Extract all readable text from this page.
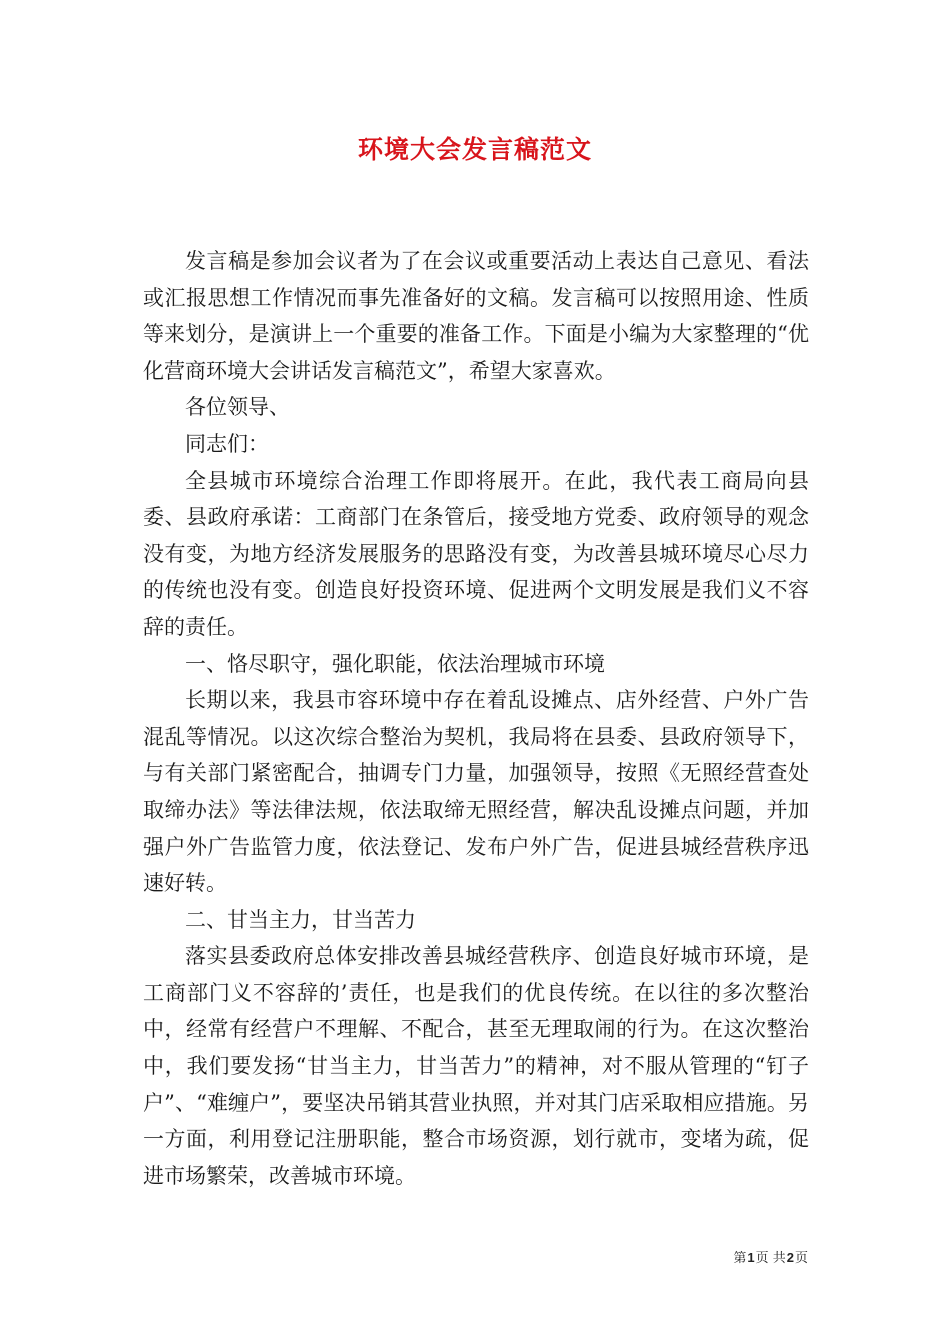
环境大会发言稿范文

发言稿是参加会议者为了在会议或重要活动上表达自己意见、看法或汇报思想工作情况而事先准备好的文稿。发言稿可以按照用途、性质等来划分，是演讲上一个重要的准备工作。下面是小编为大家整理的“优化营商环境大会讲话发言稿范文”，希望大家喜欢。

各位领导、

同志们：

全县城市环境综合治理工作即将展开。在此，我代表工商局向县委、县政府承诺：工商部门在条管后，接受地方党委、政府领导的观念没有变，为地方经济发展服务的思路没有变，为改善县城环境尽心尽力的传统也没有变。创造良好投资环境、促进两个文明发展是我们义不容辞的责任。

一、恪尽职守，强化职能，依法治理城市环境

长期以来，我县市容环境中存在着乱设摊点、店外经营、户外广告混乱等情况。以这次综合整治为契机，我局将在县委、县政府领导下，与有关部门紧密配合，抽调专门力量，加强领导，按照《无照经营查处取缔办法》等法律法规，依法取缔无照经营，解决乱设摊点问题，并加强户外广告监管力度，依法登记、发布户外广告，促进县城经营秩序迅速好转。

二、甘当主力，甘当苦力

落实县委政府总体安排改善县城经营秩序、创造良好城市环境，是工商部门义不容辞的’责任，也是我们的优良传统。在以往的多次整治中，经常有经营户不理解、不配合，甚至无理取闹的行为。在这次整治中，我们要发扬“甘当主力，甘当苦力”的精神，对不服从管理的“钉子户”、“难缠户”，要坚决吊销其营业执照，并对其门店采取相应措施。另一方面，利用登记注册职能，整合市场资源，划行就市，变堵为疏，促进市场繁荣，改善城市环境。

第1页 共2页
